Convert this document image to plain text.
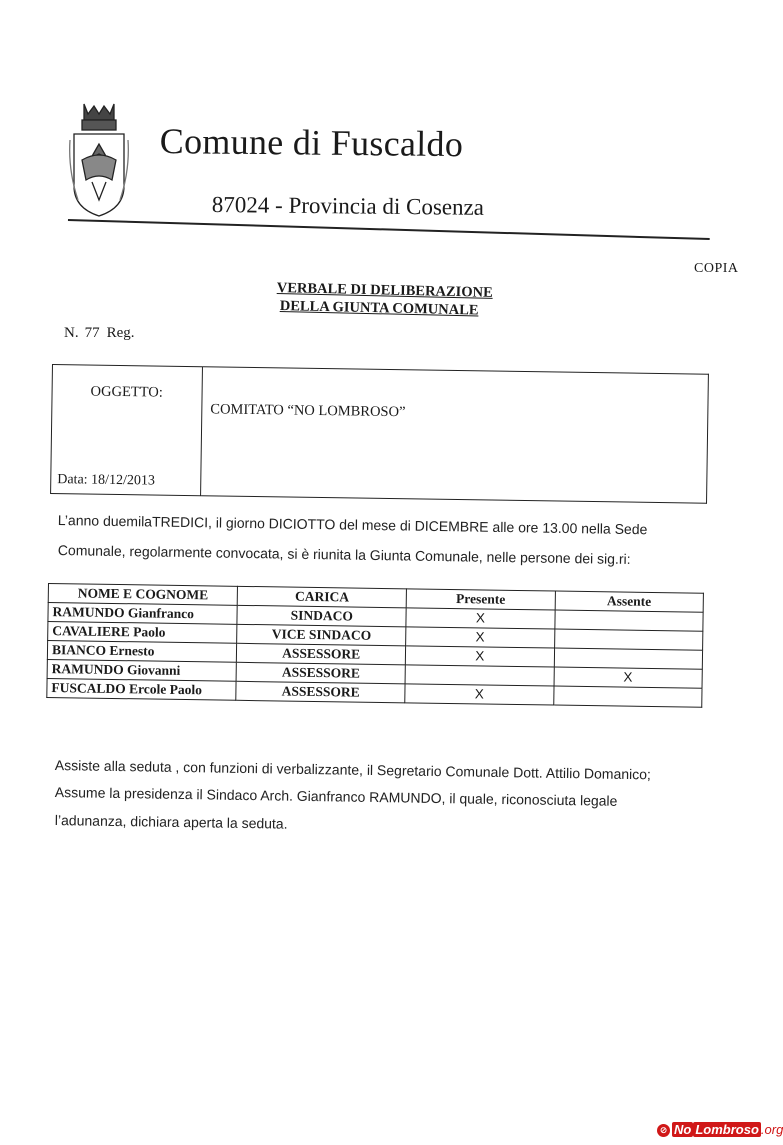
Comune di Fuscaldo
87024 - Provincia di Cosenza
COPIA
VERBALE DI DELIBERAZIONE
DELLA GIUNTA COMUNALE
N. 77 Reg.
OGGETTO:
Data: 18/12/2013
COMITATO “NO LOMBROSO”
L’anno duemilaTREDICI, il giorno DICIOTTO del mese di DICEMBRE alle ore 13.00 nella Sede
Comunale, regolarmente convocata, si è riunita la Giunta Comunale, nelle persone dei sig.ri:
NOME E COGNOME	CARICA	Presente	Assente
RAMUNDO Gianfranco	SINDACO	X	
CAVALIERE Paolo	VICE SINDACO	X	
BIANCO Ernesto	ASSESSORE	X	
RAMUNDO Giovanni	ASSESSORE		X
FUSCALDO Ercole Paolo	ASSESSORE	X	
Assiste alla seduta , con funzioni di verbalizzante, il Segretario Comunale Dott. Attilio Domanico;
Assume la presidenza il Sindaco Arch. Gianfranco RAMUNDO, il quale, riconosciuta legale
l’adunanza, dichiara aperta la seduta.
⊘ No Lombroso .org
